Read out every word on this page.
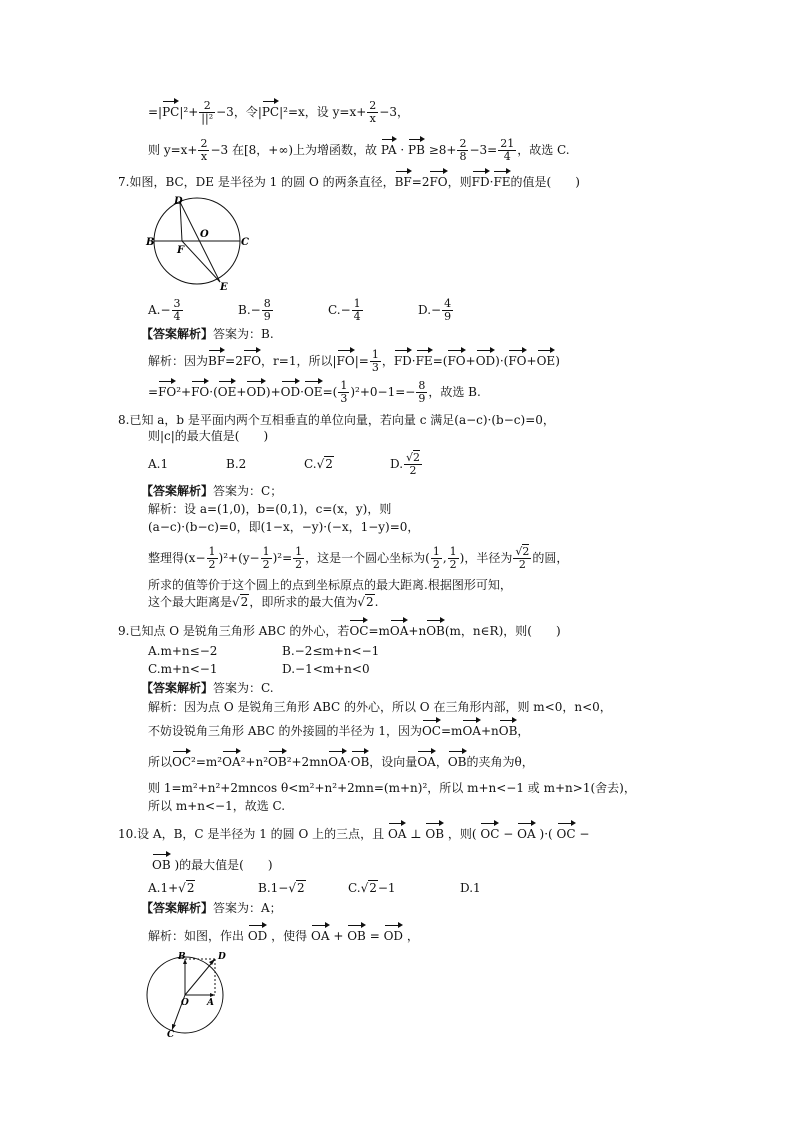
=|PC|²+ 2
||² −3，令|PC|²=x，设 $y=x+ \frac{2}{x} -3$，
则 $y=x+ \frac{2}{x} -3$ 在[8，+∞)上为增函数，故 PA · PB $\ge 8+ \frac{2}{8} -3= \frac{21}{4}$ ，故选 C.
7.如图，BC，DE 是半径为 1 的圆 O 的两条直径，BF=2FO，则FD·FE的值是(　　)
D
B
F
O
C
E
$A.- \frac{3}{4}$	$B.- \frac{8}{9}$	$C.- \frac{1}{4}$	$D.- \frac{4}{9}$
【答案解析】答案为：B.
解析：因为BF=2FO，r=1，所以$|FO|= \frac{1}{3}$ ，FD·FE=(FO+OD)·(FO+OE)
$=FO^2+FO\cdot(OE+OD)+OD\cdot OE=( \frac{1}{3} )^2+0-1=- \frac{8}{9}$ ，故选 B.
8.已知 a，b 是平面内两个互相垂直的单位向量，若向量 c 满足(a−c)·(b−c)=0，
则|c|的最大值是(　　)
A.1	B.2	C.√2	D. $\frac{√2}{2}$
【答案解析】答案为：C；
解析：设 a=(1,0)，b=(0,1)，c=(x，y)，则
(a−c)·(b−c)=0，即(1−x，−y)·(−x，1−y)=0，
整理得$(x- \frac{1}{2} )^2+(y- \frac{1}{2} )^2= \frac{1}{2}$ ，这是一个圆心坐标为( $\frac{1}{2}$ , $\frac{1}{2}$ )，半径为 $\frac{√2}{2}$ 的圆，
所求的值等价于这个圆上的点到坐标原点的最大距离.根据图形可知，
这个最大距离是√2，即所求的最大值为√2.
9.已知点 O 是锐角三角形 ABC 的外心，若OC=mOA+nOB(m，n∈R)，则(　　)
A.m+n≤−2	B.−2≤m+n<−1
C.m+n<−1	D.−1<m+n<0
【答案解析】答案为：C.
解析：因为点 O 是锐角三角形 ABC 的外心，所以 O 在三角形内部，则 m<0，n<0，
不妨设锐角三角形 ABC 的外接圆的半径为 1，因为OC=mOA+nOB，
所以OC²=m²OA²+n²OB²+2mnOA·OB，设向量OA，OB的夹角为θ，
则 1=m²+n²+2mncos θ<m²+n²+2mn=(m+n)²，所以 m+n<−1 或 m+n>1(舍去)，
所以 m+n<−1，故选 C.
10.设 A，B，C 是半径为 1 的圆 O 上的三点，且 OA ⊥ OB ，则( OC − OA )·( OC −
OB )的最大值是(　　)
A.1+√2	B.1−√2	C.√2−1	D.1
【答案解析】答案为：A；
解析：如图，作出 OD ，使得 OA + OB = OD ，
B	D
O A
C
